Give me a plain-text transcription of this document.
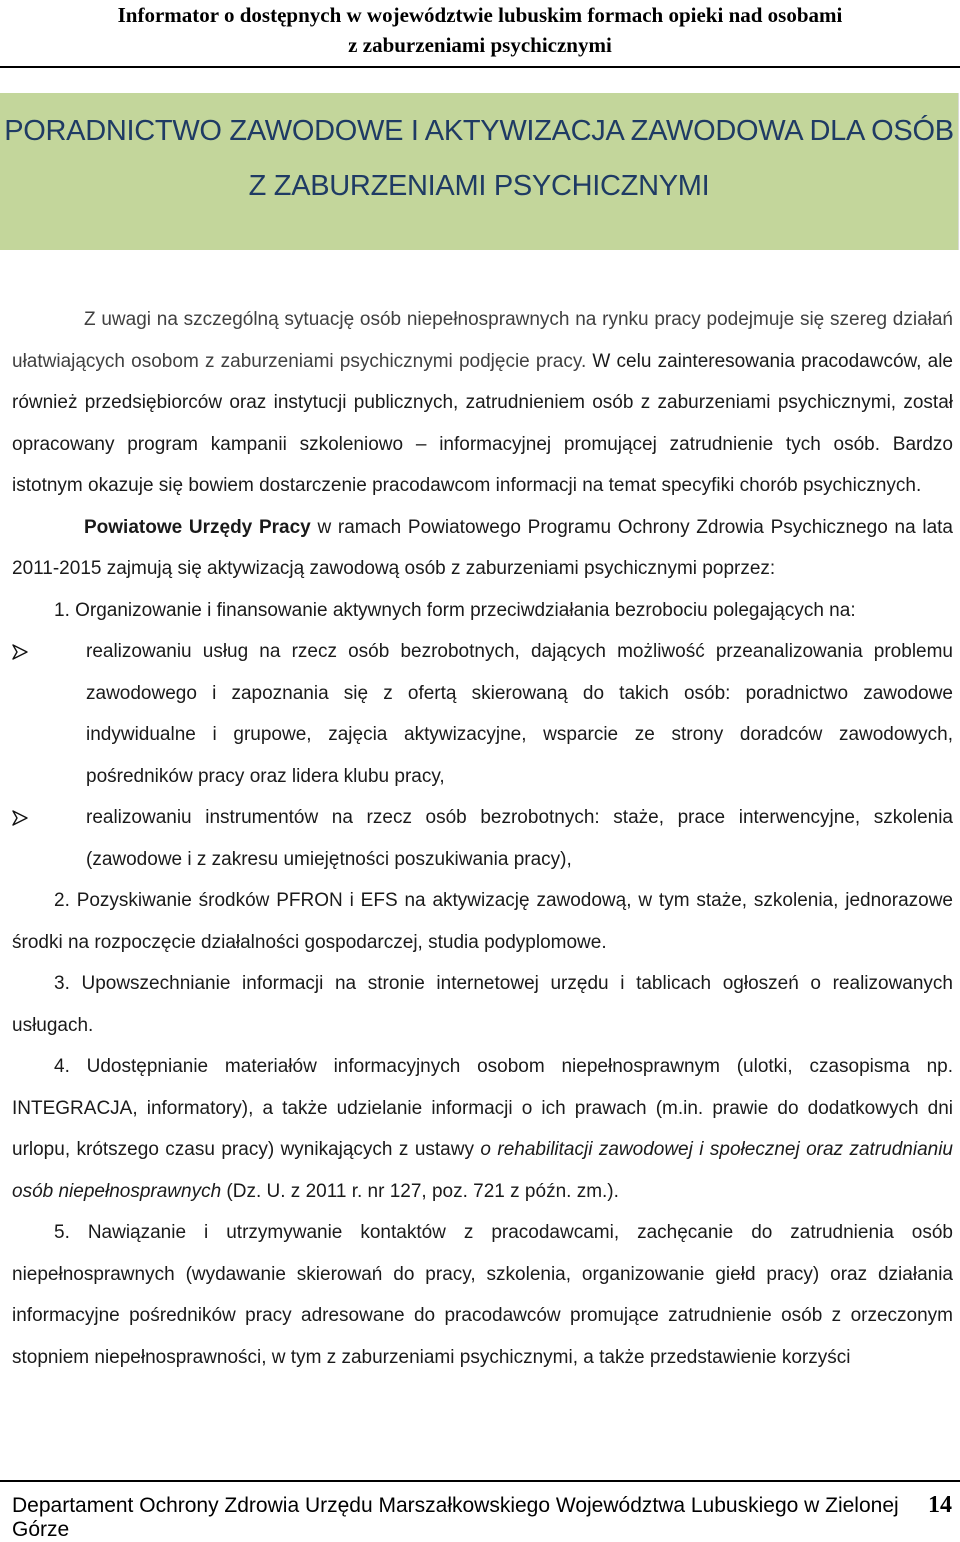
Informator o dostępnych w województwie lubuskim formach opieki nad osobami
z zaburzeniami psychicznymi
PORADNICTWO ZAWODOWE I AKTYWIZACJA ZAWODOWA DLA OSÓB
Z ZABURZENIAMI PSYCHICZNYMI

Z uwagi na szczególną sytuację osób niepełnosprawnych na rynku pracy podejmuje się szereg działań ułatwiających osobom z zaburzeniami psychicznymi podjęcie pracy. W celu zainteresowania pracodawców, ale również przedsiębiorców oraz instytucji publicznych, zatrudnieniem osób z zaburzeniami psychicznymi, został opracowany program kampanii szkoleniowo – informacyjnej promującej zatrudnienie tych osób. Bardzo istotnym okazuje się bowiem dostarczenie pracodawcom informacji na temat specyfiki chorób psychicznych.

Powiatowe Urzędy Pracy w ramach Powiatowego Programu Ochrony Zdrowia Psychicznego na lata 2011-2015 zajmują się aktywizacją zawodową osób z zaburzeniami psychicznymi poprzez:

1. Organizowanie i finansowanie aktywnych form przeciwdziałania bezrobociu polegających na:

realizowaniu usług na rzecz osób bezrobotnych, dających możliwość przeanalizowania problemu zawodowego i zapoznania się z ofertą skierowaną do takich osób: poradnictwo zawodowe indywidualne i grupowe, zajęcia aktywizacyjne, wsparcie ze strony doradców zawodowych, pośredników pracy oraz lidera klubu pracy,

realizowaniu instrumentów na rzecz osób bezrobotnych: staże, prace interwencyjne, szkolenia (zawodowe i z zakresu umiejętności poszukiwania pracy),

2. Pozyskiwanie środków PFRON i EFS na aktywizację zawodową, w tym staże, szkolenia, jednorazowe środki na rozpoczęcie działalności gospodarczej, studia podyplomowe.

3. Upowszechnianie informacji na stronie internetowej urzędu i tablicach ogłoszeń o realizowanych usługach.

4. Udostępnianie materiałów informacyjnych osobom niepełnosprawnym (ulotki, czasopisma np. INTEGRACJA, informatory), a także udzielanie informacji o ich prawach (m.in. prawie do dodatkowych dni urlopu, krótszego czasu pracy) wynikających z ustawy o rehabilitacji zawodowej i społecznej oraz zatrudnianiu osób niepełnosprawnych (Dz. U. z 2011 r. nr 127, poz. 721 z późn. zm.).

5. Nawiązanie i utrzymywanie kontaktów z pracodawcami, zachęcanie do zatrudnienia osób niepełnosprawnych (wydawanie skierowań do pracy, szkolenia, organizowanie giełd pracy) oraz działania informacyjne pośredników pracy adresowane do pracodawców promujące zatrudnienie osób z orzeczonym stopniem niepełnosprawności, w tym z zaburzeniami psychicznymi, a także przedstawienie korzyści

Departament Ochrony Zdrowia Urzędu Marszałkowskiego Województwa Lubuskiego w Zielonej Górze
14
